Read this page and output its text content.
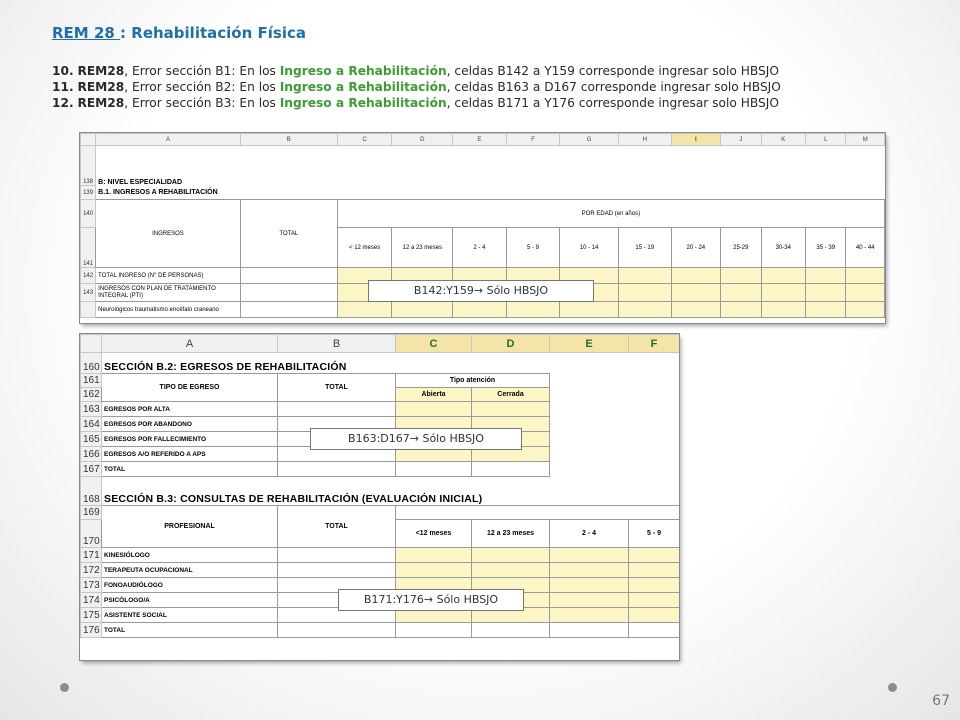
REM 28 : Rehabilitación Física
10. REM28, Error sección B1: En los Ingreso a Rehabilitación, celdas B142 a Y159 corresponde ingresar solo HBSJO
11. REM28, Error sección B2: En los Ingreso a Rehabilitación, celdas B163 a D167 corresponde ingresar solo HBSJO
12. REM28, Error sección B3: En los Ingreso a Rehabilitación, celdas B171 a Y176 corresponde ingresar solo HBSJO
	A	B	C	D	E	F	G	H	I	J	K	L	M
138	B: NIVEL ESPECIALIDAD												
139	B.1. INGRESOS A REHABILITACIÓN												
140	INGRESOS	TOTAL	POR EDAD (en años)										
141			< 12 meses	12 a 23 meses	2 - 4	5 - 9	10 - 14	15 - 19	20 - 24	25-29	30-34	35 - 39	40 - 44
142	TOTAL INGRESO (N° DE PERSONAS)												
143	INGRESOS CON PLAN DE TRATAMIENTO INTEGRAL (PTI)												
	Neurológicos traumatismo encéfalo craneano												
B142:Y159→ Sólo HBSJO
	A	B	C	D	E	F
160	SECCIÓN B.2: EGRESOS DE REHABILITACIÓN					
161	TIPO DE EGRESO	TOTAL	Tipo atención			
162			Abierta	Cerrada		
163	EGRESOS POR ALTA					
164	EGRESOS POR ABANDONO					
165	EGRESOS POR FALLECIMIENTO					
166	EGRESOS A/O REFERIDO A APS					
167	TOTAL					
168	SECCIÓN B.3: CONSULTAS DE REHABILITACIÓN (EVALUACIÓN INICIAL)					
169	PROFESIONAL	TOTAL				
170			<12 meses	12 a 23 meses	2 - 4	5 - 9
171	KINESIÓLOGO					
172	TERAPEUTA OCUPACIONAL					
173	FONOAUDIÓLOGO					
174	PSICÓLOGO/A					
175	ASISTENTE SOCIAL					
176	TOTAL					
B163:D167→ Sólo HBSJO
B171:Y176→ Sólo HBSJO
67
